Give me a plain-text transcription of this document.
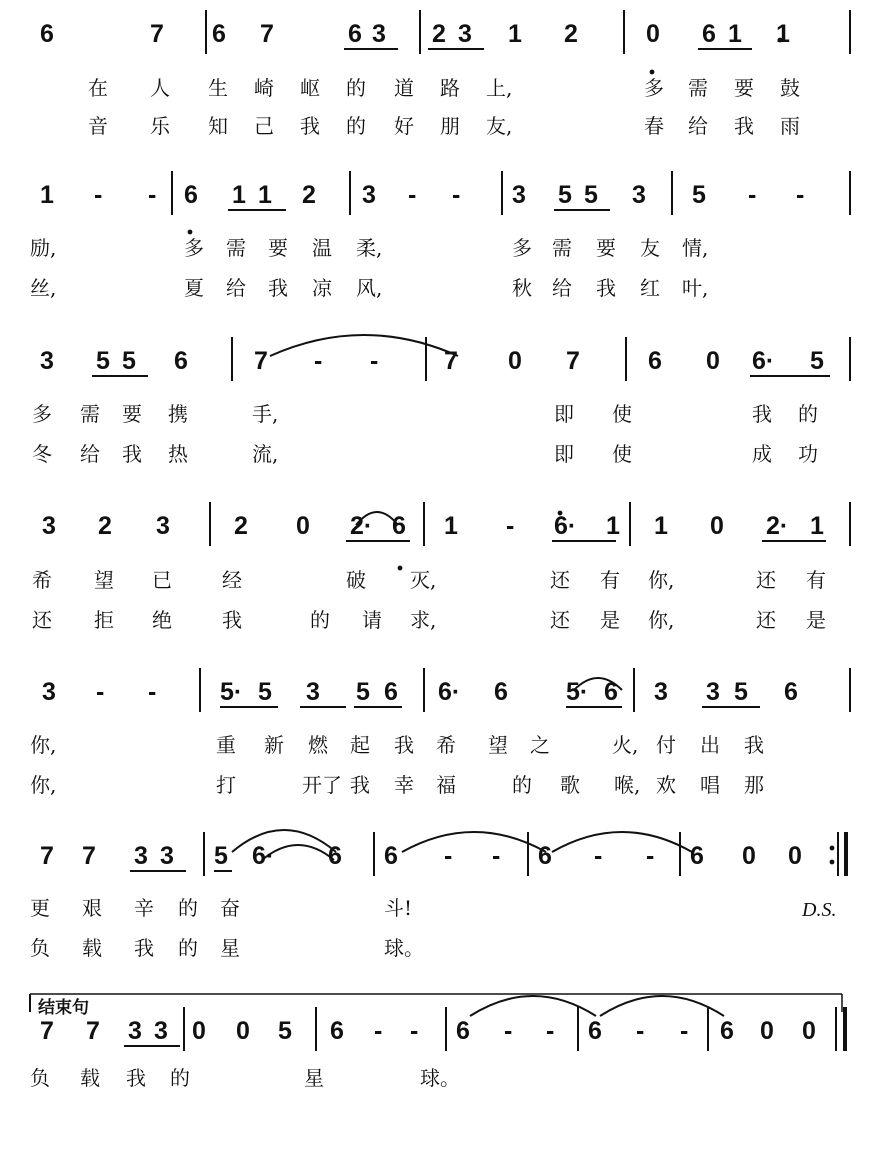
6	7 6 7	6 3 2 3 1 2	0 6 1 1
在 人 生 崎 岖 的 道 路 上,	多 需 要 鼓
音 乐 知 己 我 的 好 朋 友,	春 给 我 雨
1 - - 6 1 1 2 3 - - 3 5 5 3 5 - -
励,	多 需 要 温 柔,	多 需 要 友 情,
丝,	夏 给 我 凉 风,	秋 给 我 红 叶,
3 5 5 6	7 - -	7 0 7	6 0 6· 5
多 需 要 携	手,	即 使	我 的
冬 给 我 热	流,	即 使	成 功
3 2 3	2 0 2· 6 1 - 6· 1 1 0 2· 1
希 望 已	经	破 灭,	还 有 你,	还 有
还 拒 绝	我	的 请 求,	还 是 你,	还 是
3 - -	5· 5 3 5 6 6· 6 5· 6 3 3 5 6
你,	重 新 燃 起 我 希 望 之	火, 付 出 我
你,	打	开 了 我 幸 福	的 歌 喉, 欢 唱 那
7 7 3 3 5 6· 6 6 - - 6 - - 6 0 0
更 艰 辛 的 奋	斗!
负 载 我 的 星	球。
D.S.
结束句
7 7 3 3 0 0 5 6 - - 6 - - 6 - - 6 0 0
负 载 我 的	星	球。
